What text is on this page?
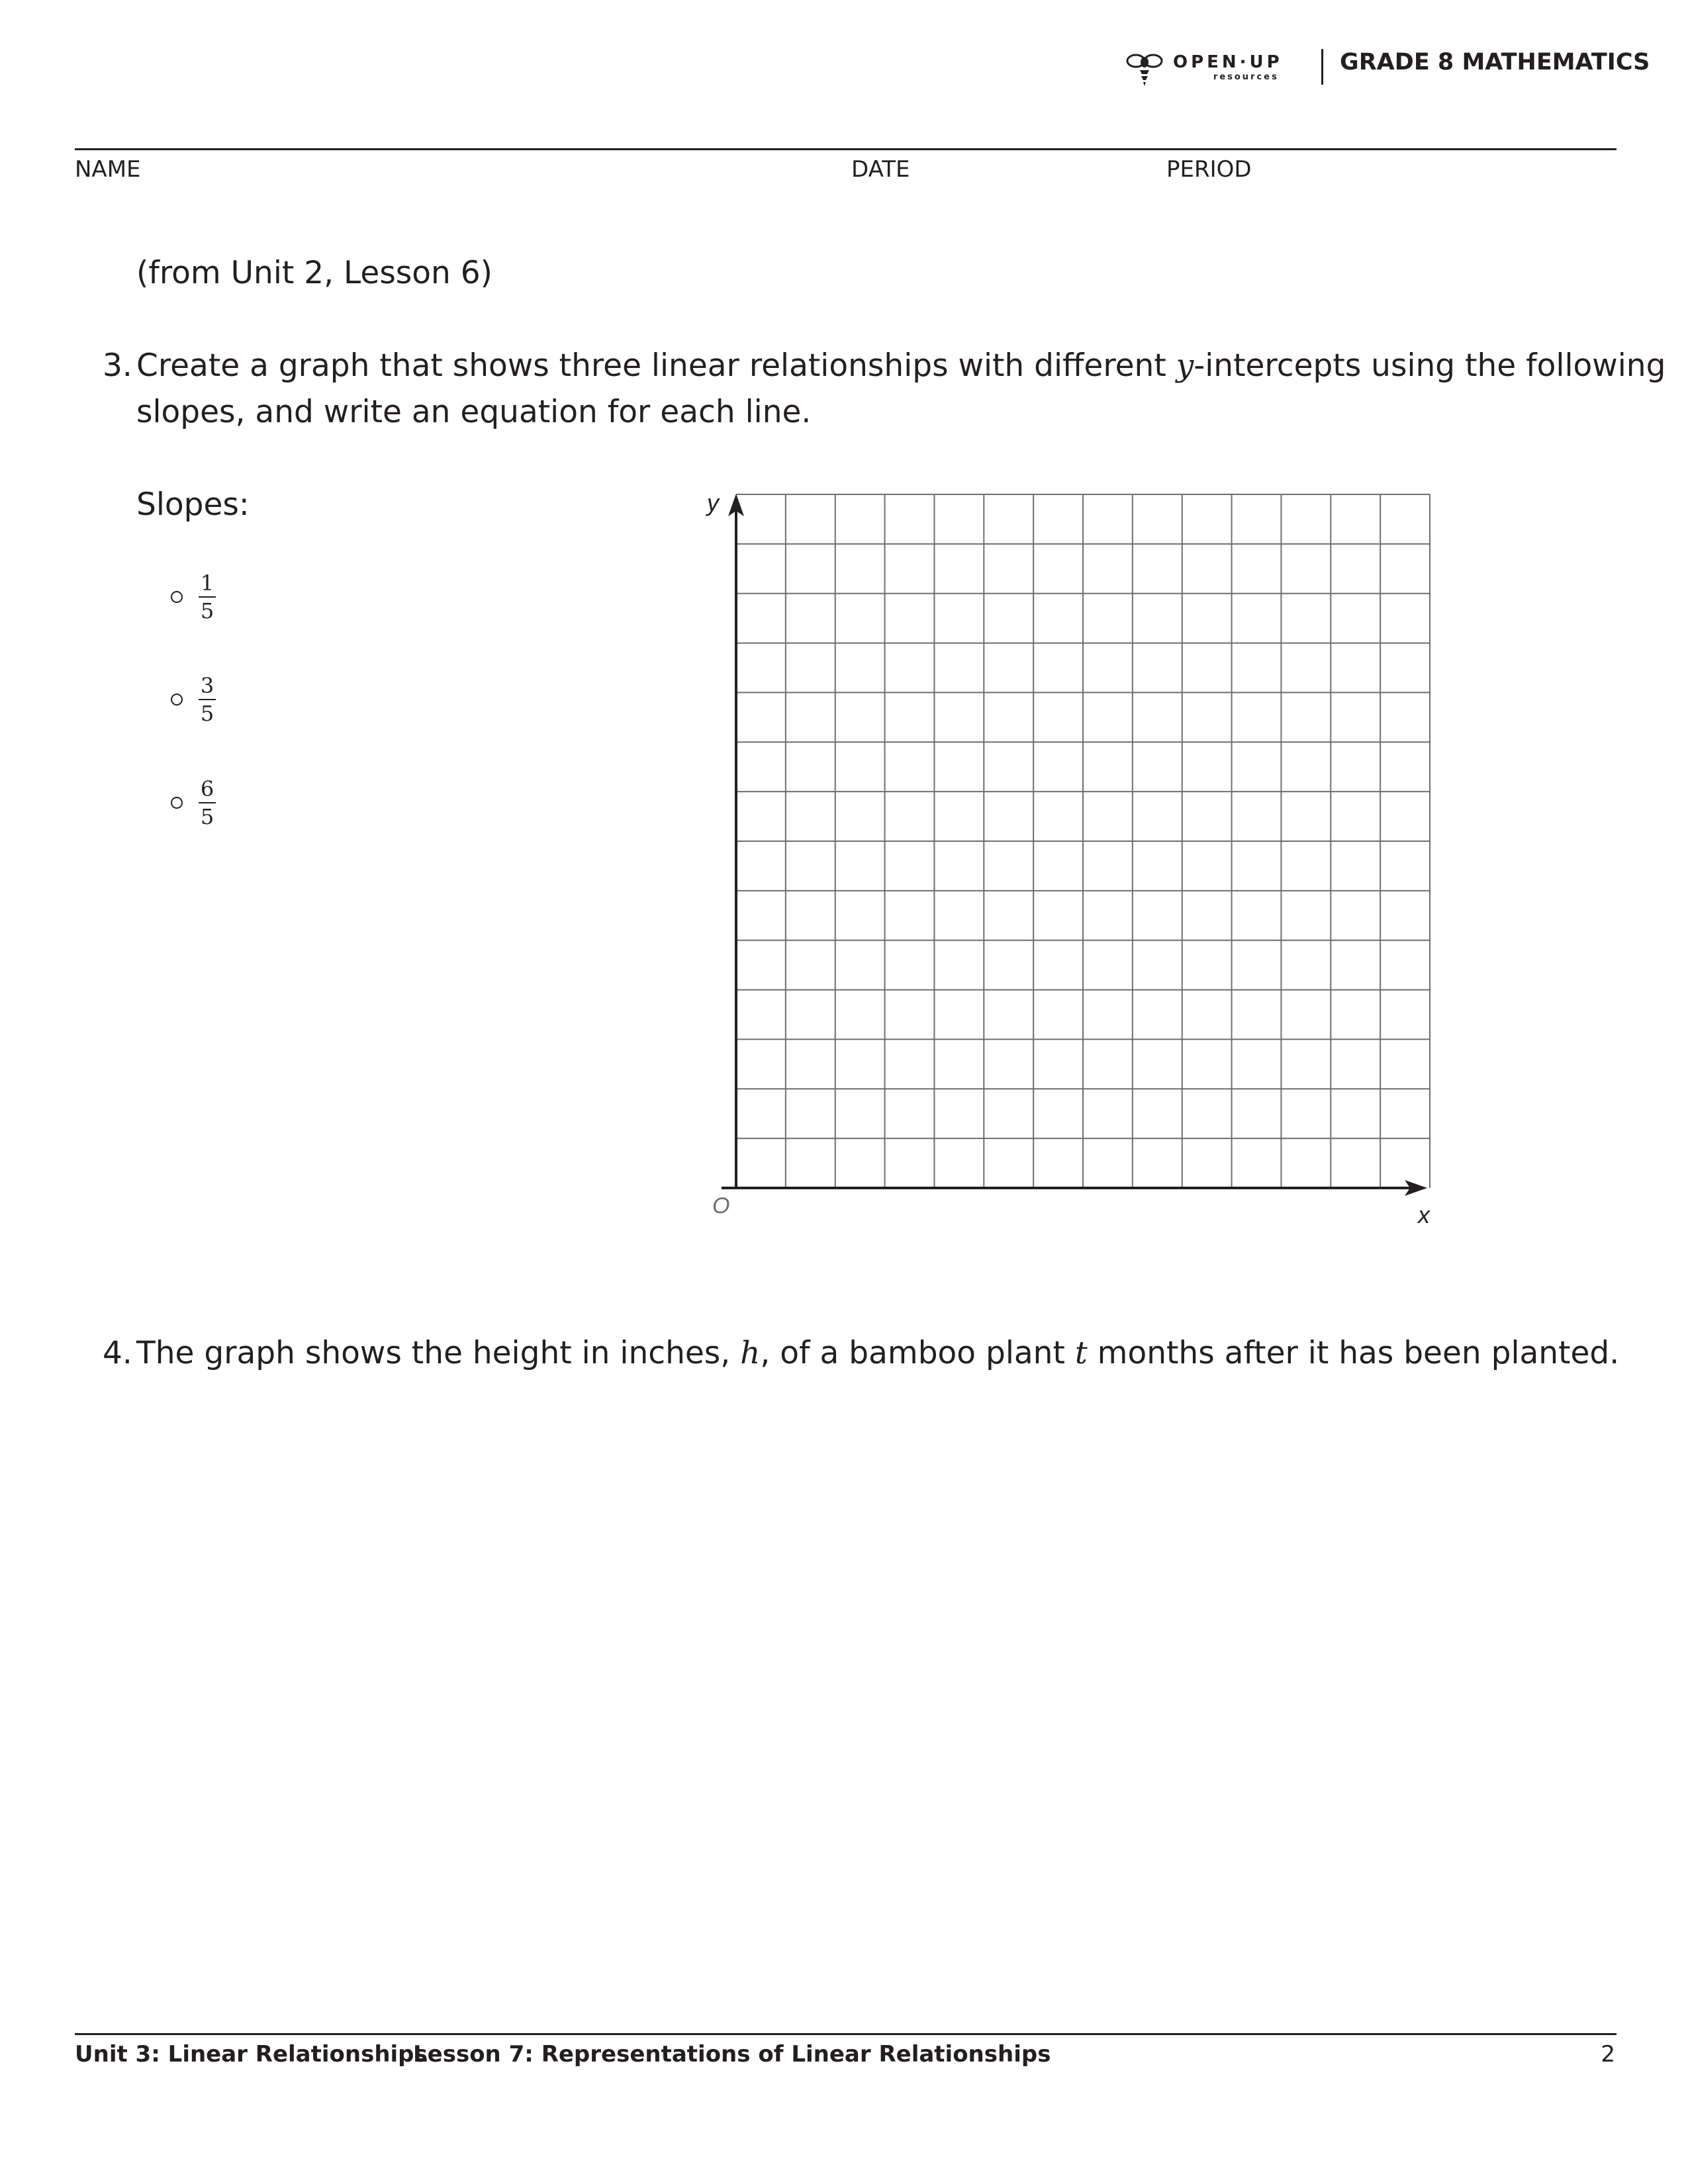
OPEN·UP
resources
GRADE 8 MATHEMATICS
NAME	DATE	PERIOD
(from Unit 2, Lesson 6)
3. Create a graph that shows three linear relationships with different y-intercepts using the following
slopes, and write an equation for each line.
Slopes:
$\frac{1}{5}$
$\frac{3}{5}$
$\frac{6}{5}$
y
x
O
4. The graph shows the height in inches, h, of a bamboo plant t months after it has been planted.
Unit 3: Linear Relationships
Lesson 7: Representations of Linear Relationships	2
